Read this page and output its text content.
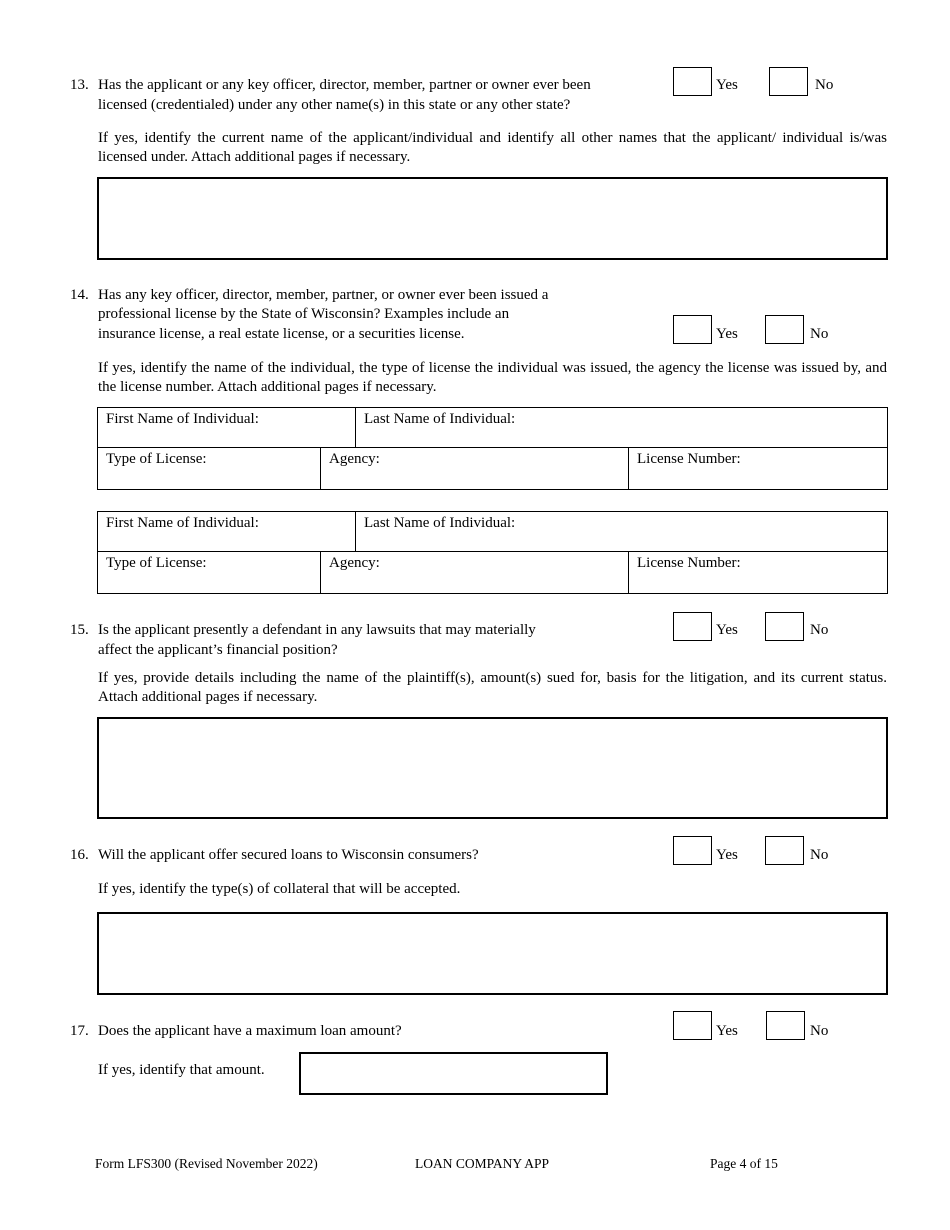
13. Has the applicant or any key officer, director, member, partner or owner ever been
licensed (credentialed) under any other name(s) in this state or any other state?
Yes	No
If yes, identify the current name of the applicant/individual and identify all other names that the applicant/ individual is/was licensed under. Attach additional pages if necessary.
14. Has any key officer, director, member, partner, or owner ever been issued a
professional license by the State of Wisconsin? Examples include an
insurance license, a real estate license, or a securities license.	Yes	No
If yes, identify the name of the individual, the type of license the individual was issued, the agency the license was issued by, and the license number. Attach additional pages if necessary.
First Name of Individual:	Last Name of Individual:
Type of License:	Agency:	License Number:
First Name of Individual:	Last Name of Individual:
Type of License:	Agency:	License Number:
15. Is the applicant presently a defendant in any lawsuits that may materially
affect the applicant’s financial position?
Yes	No
If yes, provide details including the name of the plaintiff(s), amount(s) sued for, basis for the litigation, and its current status. Attach additional pages if necessary.
16. Will the applicant offer secured loans to Wisconsin consumers?	Yes	No
If yes, identify the type(s) of collateral that will be accepted.
17. Does the applicant have a maximum loan amount?	Yes	No
If yes, identify that amount.
Form LFS300 (Revised November 2022)	LOAN COMPANY APP	Page 4 of 15
